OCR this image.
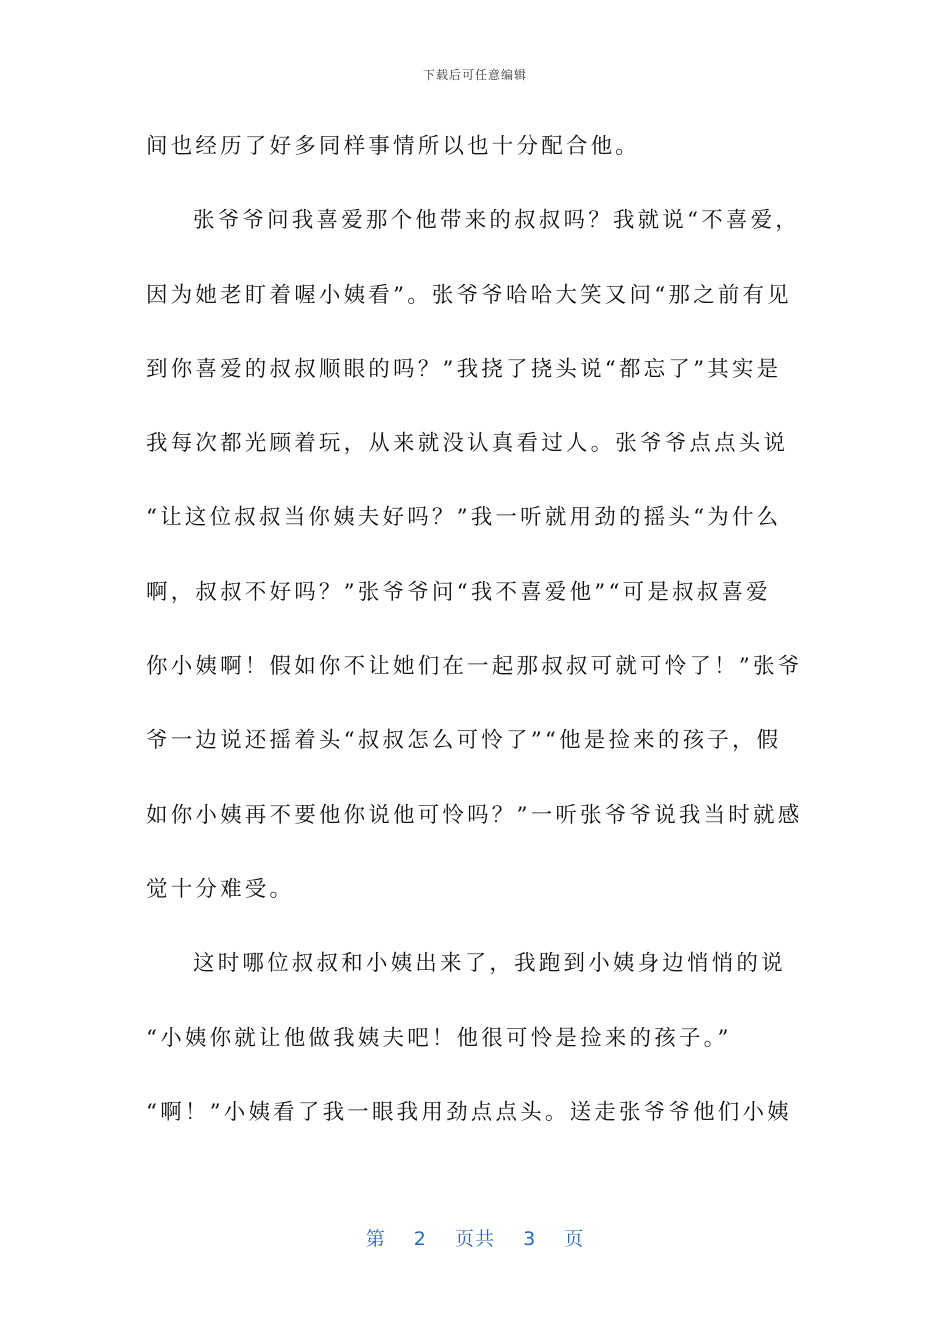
下载后可任意编辑
间也经历了好多同样事情所以也十分配合他。
张爷爷问我喜爱那个他带来的叔叔吗？我就说“不喜爱，
因为她老盯着喔小姨看”。张爷爷哈哈大笑又问“那之前有见
到你喜爱的叔叔顺眼的吗？”我挠了挠头说“都忘了”其实是
我每次都光顾着玩，从来就没认真看过人。张爷爷点点头说
“让这位叔叔当你姨夫好吗？”我一听就用劲的摇头“为什么
啊，叔叔不好吗？”张爷爷问“我不喜爱他”“可是叔叔喜爱
你小姨啊！假如你不让她们在一起那叔叔可就可怜了！”张爷
爷一边说还摇着头“叔叔怎么可怜了”“他是捡来的孩子，假
如你小姨再不要他你说他可怜吗？”一听张爷爷说我当时就感
觉十分难受。
这时哪位叔叔和小姨出来了，我跑到小姨身边悄悄的说
“小姨你就让他做我姨夫吧！他很可怜是捡来的孩子。”
“啊！”小姨看了我一眼我用劲点点头。送走张爷爷他们小姨
第 2 页共 3 页
